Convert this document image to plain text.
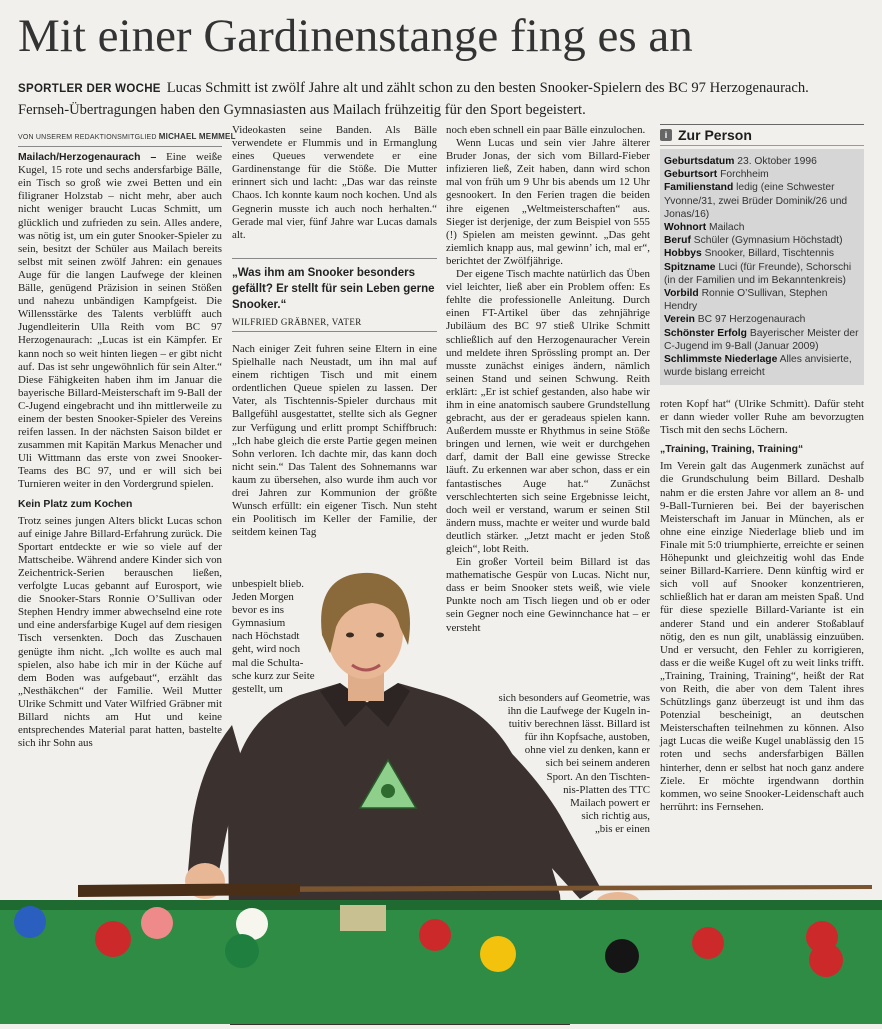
Mit einer Gardinenstange fing es an
SPORTLER DER WOCHE Lucas Schmitt ist zwölf Jahre alt und zählt schon zu den besten Snooker-Spielern des BC 97 Herzogenaurach. Fernseh-Übertragungen haben den Gymnasiasten aus Mailach frühzeitig für den Sport begeistert.
VON UNSEREM REDAKTIONSMITGLIED MICHAEL MEMMEL

Mailach/Herzogenaurach – Eine weiße Kugel, 15 rote und sechs andersfarbige Bälle, ein Tisch so groß wie zwei Betten und ein filigraner Holzstab – nicht mehr, aber auch nicht weniger braucht Lucas Schmitt, um glücklich und zufrieden zu sein. Alles andere, was nötig ist, um ein guter Snooker-Spieler zu sein, besitzt der Schüler aus Mailach bereits selbst mit seinen zwölf Jahren: ein genaues Auge für die langen Laufwege der kleinen Bälle, genügend Präzision in seinen Stößen und nahezu unbändigen Kampfgeist. Die Willensstärke des Talents verblüfft auch Jugendleiterin Ulla Reith vom BC 97 Herzogenaurach: „Lucas ist ein Kämpfer. Er kann noch so weit hinten liegen – er gibt nicht auf. Das ist sehr ungewöhnlich für sein Alter.“ Diese Fähigkeiten haben ihm im Januar die bayerische Billard-Meisterschaft im 9-Ball der C-Jugend eingebracht und ihn mittlerweile zu einem der besten Snooker-Spieler des Vereins reifen lassen. In der nächsten Saison bildet er zusammen mit Kapitän Markus Menacher und Uli Wittmann das erste von zwei Snooker-Teams des BC 97, und er will sich bei Turnieren weiter in den Vordergrund spielen.

Kein Platz zum Kochen

Trotz seines jungen Alters blickt Lucas schon auf einige Jahre Billard-Erfahrung zurück. Die Sportart entdeckte er wie so viele auf der Mattscheibe. Während andere Kinder sich von Zeichentrick-Serien berauschen ließen, verfolgte Lucas gebannt auf Eurosport, wie die Snooker-Stars Ronnie O’Sullivan oder Stephen Hendry immer abwechselnd eine rote und eine andersfarbige Kugel auf dem riesigen Tisch versenkten. Doch das Zuschauen genügte ihm nicht. „Ich wollte es auch mal spielen, also habe ich mir in der Küche auf dem Boden was aufgebaut“, erzählt das „Nesthäkchen“ der Familie. Weil Mutter Ulrike Schmitt und Vater Wilfried Gräbner mit Billard nichts am Hut und keine entsprechendes Material parat hatten, bastelte sich ihr Sohn aus

Videokasten seine Banden. Als Bälle verwendete er Flummis und in Ermanglung eines Queues verwendete er eine Gardinenstange für die Stöße. Die Mutter erinnert sich und lacht: „Das war das reinste Chaos. Ich konnte kaum noch kochen. Und als Gegnerin musste ich auch noch herhalten.“ Gerade mal vier, fünf Jahre war Lucas damals alt.

„Was ihm am Snooker besonders gefällt? Er stellt für sein Leben gerne Snooker.“
WILFRIED GRÄBNER, VATER

Nach einiger Zeit fuhren seine Eltern in eine Spielhalle nach Neustadt, um ihn mal auf einem richtigen Tisch und mit einem ordentlichen Queue spielen zu lassen. Der Vater, als Tischtennis-Spieler durchaus mit Ballgefühl ausgestattet, stellte sich als Gegner zur Verfügung und erlitt prompt Schiffbruch: „Ich habe gleich die erste Partie gegen meinen Sohn verloren. Ich dachte mir, das kann doch nicht sein.“ Das Talent des Sohnemanns war kaum zu übersehen, also wurde ihm auch vor drei Jahren zur Kommunion der größte Wunsch erfüllt: ein eigener Tisch. Nun steht ein Poolitisch im Keller der Familie, der seitdem keinen Tag

unbespielt blieb.
Jeden Morgen
bevor es ins
Gymnasium
nach Höchstadt
geht, wird noch
mal die Schulta-
sche kurz zur Seite
gestellt, um

noch eben schnell ein paar Bälle einzulochen.

Wenn Lucas und sein vier Jahre älterer Bruder Jonas, der sich vom Billard-Fieber infizieren ließ, Zeit haben, dann wird schon mal von früh um 9 Uhr bis abends um 12 Uhr gesnookert. In den Ferien tragen die beiden ihre eigenen „Weltmeisterschaften“ aus. Sieger ist derjenige, der zum Beispiel von 555 (!) Spielen am meisten gewinnt. „Das geht ziemlich knapp aus, mal gewinn’ ich, mal er“, berichtet der Zwölfjährige.

Der eigene Tisch machte natürlich das Üben viel leichter, ließ aber ein Problem offen: Es fehlte die professionelle Anleitung. Durch einen FT-Artikel über das zehnjährige Jubiläum des BC 97 stieß Ulrike Schmitt schließlich auf den Herzogenauracher Verein und meldete ihren Sprössling prompt an. Der musste zunächst einiges ändern, nämlich seinen Stand und seinen Schwung. Reith erklärt: „Er ist schief gestanden, also habe wir ihm in eine anatomisch saubere Grundstellung gebracht, aus der er geradeaus spielen kann. Außerdem musste er Rhythmus in seine Stöße bringen und lernen, wie weit er durchgehen darf, damit der Ball eine gewisse Strecke läuft. Zu erkennen war aber schon, dass er ein fantastisches Auge hat.“ Zunächst verschlechterten sich seine Ergebnisse leicht, doch weil er verstand, warum er seinen Stil ändern muss, machte er weiter und wurde bald deutlich stärker. „Jetzt macht er jeden Stoß gleich“, lobt Reith.

Ein großer Vorteil beim Billard ist das mathematische Gespür von Lucas. Nicht nur, dass er beim Snooker stets weiß, wie viele Punkte noch am Tisch liegen und ob er oder sein Gegner noch eine Gewinnchance hat – er versteht

sich besonders auf Geometrie, was
ihn die Laufwege der Kugeln in-
tuitiv berechnen lässt. Billard ist
für ihn Kopfsache, austoben,
ohne viel zu denken, kann er
sich bei seinem anderen
Sport. An den Tischten-
nis-Platten des TTC
Mailach powert er
sich richtig aus,
„bis er einen
i Zur Person
Geburtsdatum 23. Oktober 1996
Geburtsort Forchheim
Familienstand ledig (eine Schwester Yvonne/31, zwei Brüder Dominik/26 und Jonas/16)
Wohnort Mailach
Beruf Schüler (Gymnasium Höchstadt)
Hobbys Snooker, Billard, Tischtennis
Spitzname Luci (für Freunde), Schorschi (in der Familien und im Bekanntenkreis)
Vorbild Ronnie O’Sullivan, Stephen Hendry
Verein BC 97 Herzogenaurach
Schönster Erfolg Bayerischer Meister der C-Jugend im 9-Ball (Januar 2009)
Schlimmste Niederlage Alles anvisierte, wurde bislang erreicht

roten Kopf hat“ (Ulrike Schmitt). Dafür steht er dann wieder voller Ruhe am bevorzugten Tisch mit den sechs Löchern.

„Training, Training, Training“

Im Verein galt das Augenmerk zunächst auf die Grundschulung beim Billard. Deshalb nahm er die ersten Jahre vor allem an 8- und 9-Ball-Turnieren bei. Bei der bayerischen Meisterschaft im Januar in München, als er ohne eine einzige Niederlage blieb und im Finale mit 5:0 triumphierte, erreichte er seinen Höhepunkt und gleichzeitig wohl das Ende seiner Billard-Karriere. Denn künftig wird er sich voll auf Snooker konzentrieren, schließlich hat er daran am meisten Spaß. Und für diese spezielle Billard-Variante ist ein anderer Stand und ein anderer Stoßablauf nötig, den es nun gilt, unablässig einzuüben. Und er versucht, den Fehler zu korrigieren, dass er die weiße Kugel oft zu weit links trifft. „Training, Training, Training“, heißt der Rat von Reith, die aber von dem Talent ihres Schützlings ganz überzeugt ist und ihm das Potenzial bescheinigt, an deutschen Meisterschaften teilnehmen zu können. Also jagt Lucas die weiße Kugel unablässig den 15 roten und sechs andersfarbigen Bällen hinterher, denn er selbst hat noch ganz andere Ziele. Er möchte irgendwann dorthin kommen, wo seine Snooker-Leidenschaft auch herrührt: ins Fernsehen.
